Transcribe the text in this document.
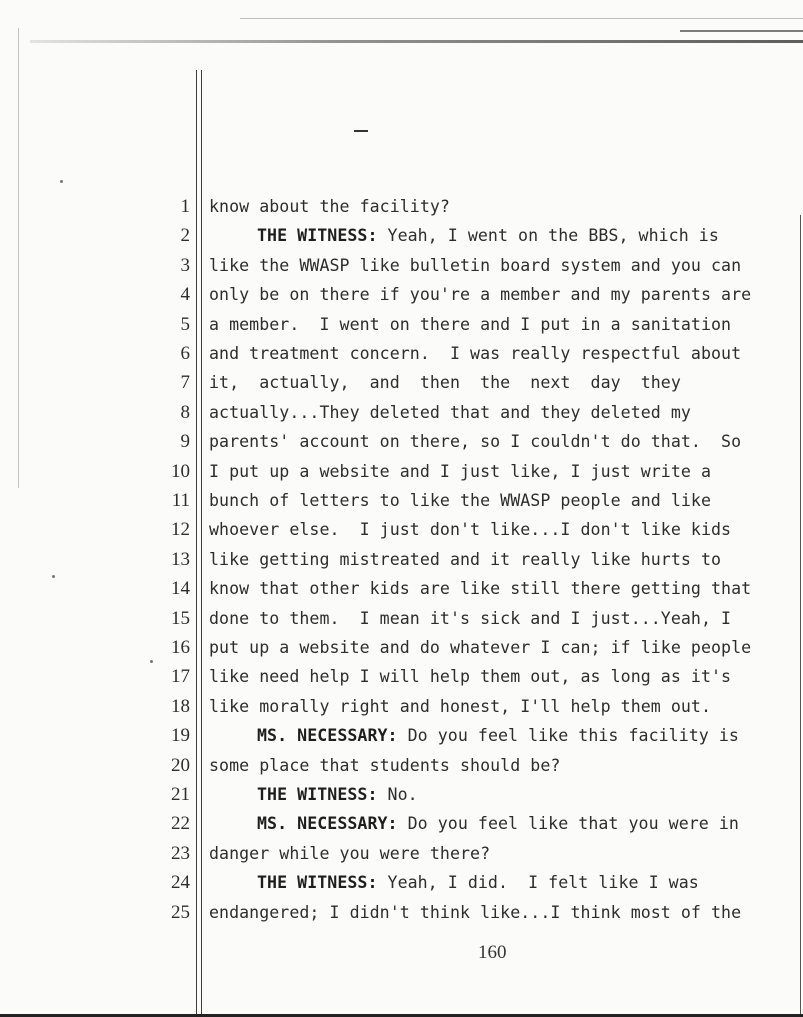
1 know about the facility?
2	THE WITNESS: Yeah, I went on the BBS, which is
3 like the WWASP like bulletin board system and you can
4 only be on there if you're a member and my parents are
5 a member.  I went on there and I put in a sanitation
6 and treatment concern.  I was really respectful about
7 it,  actually,  and  then  the  next  day  they
8 actually...They deleted that and they deleted my
9 parents' account on there, so I couldn't do that.  So
10 I put up a website and I just like, I just write a
11 bunch of letters to like the WWASP people and like
12 whoever else.  I just don't like...I don't like kids
13 like getting mistreated and it really like hurts to
14 know that other kids are like still there getting that
15 done to them.  I mean it's sick and I just...Yeah, I
16 put up a website and do whatever I can; if like people
17 like need help I will help them out, as long as it's
18 like morally right and honest, I'll help them out.
19	MS. NECESSARY: Do you feel like this facility is
20 some place that students should be?
21	THE WITNESS: No.
22	MS. NECESSARY: Do you feel like that you were in
23 danger while you were there?
24	THE WITNESS: Yeah, I did.  I felt like I was
25 endangered; I didn't think like...I think most of the
160
